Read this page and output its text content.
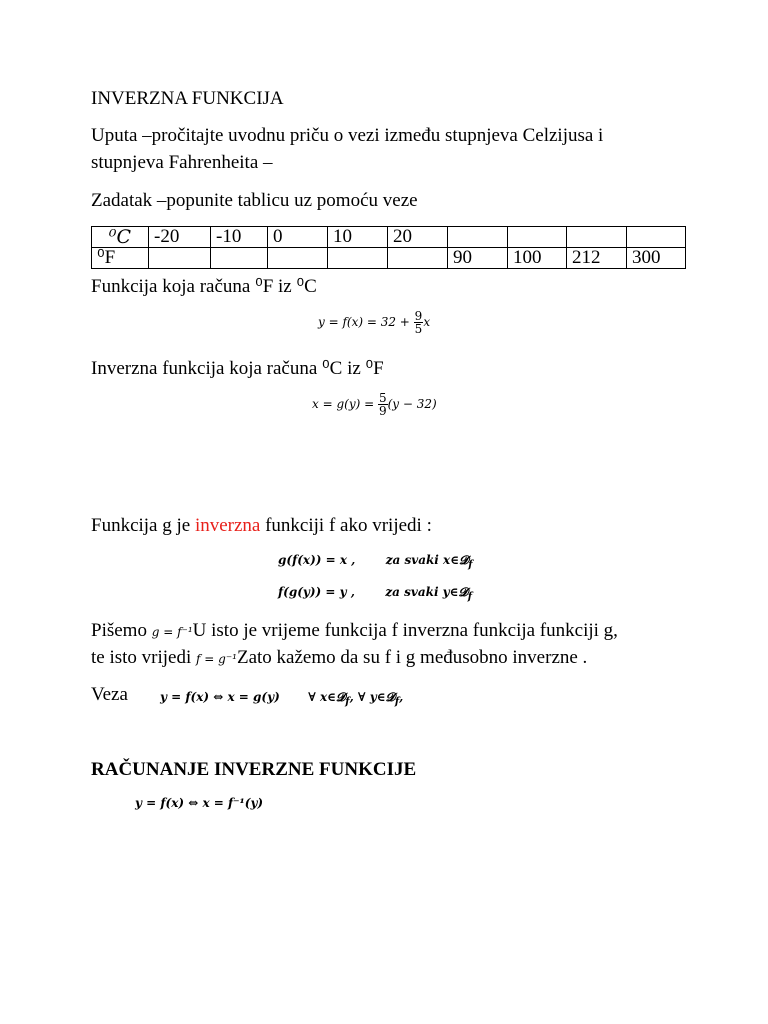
INVERZNA FUNKCIJA
Uputa –pročitajte uvodnu priču o vezi između stupnjeva Celzijusa i
stupnjeva Fahrenheita –
Zadatak –popunite tablicu uz pomoću veze
⁰C	-20	-10	0	10	20				
⁰F						90	100	212	300
Funkcija koja računa ⁰F iz ⁰C
$y = f(x) = 32 + \frac{9}{5}$ x
Inverzna funkcija koja računa ⁰C iz ⁰F
$x = g(y) = \frac{5}{9} (y - 32)$
Funkcija g je inverzna funkciji f ako vrijedi :
g(f(x)) = x ,	za svaki x∈𝓓$_f$
f(g(y)) = y ,	za svaki y∈𝓓$_f$
Pišemo g = f⁻¹U isto je vrijeme funkcija f inverzna funkcija funkciji g,
te isto vrijedi f = g⁻¹Zato kažemo da su f i g međusobno inverzne .
Veza	y = f(x) ⇔ x = g(y) ∀ x∈𝓓$_f$, ∀ y∈𝓓$_f$,
RAČUNANJE INVERZNE FUNKCIJE
y = f(x) ⇔ x = f⁻¹(y)
